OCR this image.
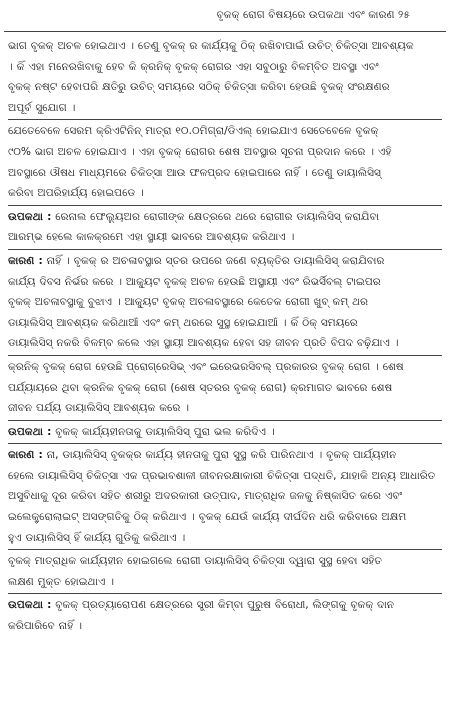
ବୃକକ୍ ରୋଗ ବିଷୟରେ ଉପକଥା ଏବଂ କାରଣ ୨୫
ଭାଗ ବୃକକ୍ ଅଚଳ ହୋଇଥାଏ । ତେଣୁ ବୃକକ୍ ର କାର୍ଯ୍ୟକୁ ଠିକ୍ ରଖିବାପାଇଁ ଉଚିତ୍ ଚିକିତ୍ସା ଆବଶ୍ୟକ
। କିଁ ଏହା ମନେରଖିବାକୁ ହେବ କି କ୍ରନିକ୍ ବୃକକ୍ ରୋଗର ଏହା ସବୁଠାରୁ ବିଳମ୍ବିତ ଅବସ୍ଥା ଏବଂ
ବୃକକ୍ ନଷ୍ଟ ହେବାପରି କ୍ଷତିରୁ ଉଚିତ୍ ସମୟରେ ସଠିକ୍ ଚିକିତ୍ସା କରିବା ହେଉଛି ବୃକକ୍ ସଂରକ୍ଷଣର
ଅପୂର୍ବ ସୁଯୋଗ ।
ଯେତେବେଳେ ସେରମ କ୍ରିଏଟିନିନ୍ ମାତ୍ରା ୧୦.୦ମିଗ୍ରା/ଡିଏଲ୍ ହୋଇଯାଏ ସେତେବେଳେ ବୃକକ୍
୯୦% ଭାଗ ଅଚଳ ହୋଇଯାଏ । ଏହା ବୃକକ୍ ରୋଗର ଶେଷ ଅବସ୍ଥାର ସୂଚନା ପ୍ରଦାନ କରେ । ଏହି
ଅବସ୍ଥାରେ ଔଷଧ ମାଧ୍ୟମରେ ଚିକିତ୍ସା ଆଉ ଫଳପ୍ରଦ ହୋଇପାରେ ନାହିଁ । ତେଣୁ ଡାୟାଲିସିସ୍
କରିବା ଅପରିହାର୍ଯ୍ୟ ହୋଇପଡେ ।
ଉପକଥା : ରେନାଲ ଫେଲ୍ୟୁଅର ରୋଗୀଙ୍କ କ୍ଷେତ୍ରରେ ଥରେ ରୋଗୀର ଡାୟାଲିସିସ୍ କରାଯିବା
ଆରମ୍ଭ ହେଲେ କାଳକ୍ରମେ ଏହା ସ୍ଥାୟୀ ଭାବରେ ଆବଶ୍ୟକ କରିଥାଏ ।
କାରଣ : ନାହିଁ । ବୃକକ୍ ର ଅଚଳାବସ୍ଥାର ସ୍ତର ଉପରେ ଜଣେ ବ୍ୟକ୍ତିର ଡାୟାଲିସିସ୍ କରାଯିବାର
କାର୍ଯ୍ୟ ଦିବସ ନିର୍ଭର କରେ । ଆକ୍ୟୁଟ ବୃକକ୍ ଅଚଳ ହେଉଛି ଅସ୍ଥାୟୀ ଏବଂ ରିଭର୍ସିବଲ୍ ଟାଇପର
ବୃକକ୍ ଅଚଳାବସ୍ଥାକୁ ବୁଝାଏ । ଆକ୍ୟୁଟ ବୃକକ୍ ଅଚଳାବସ୍ଥାରେ କେତେକ ରୋଗୀ ଖୁବ୍ କମ୍ ଥର
ଡାୟାଲିସିସ୍ ଆବଶ୍ୟକ କରିଥାଆଁ ଏବଂ କମ୍ ଥରରେ ସୁସ୍ଥ ହୋଇଯାଆଁ । କିଁ ଠିକ୍ ସମୟରେ
ଡାୟାଲିସିସ୍ ନକରି ବିଳମ୍ବ କଲେ ଏହା ସ୍ଥାୟୀ ଆବଶ୍ୟକ ହେବା ସହ ଜୀବନ ପ୍ରତି ବିପଦ ବଢ଼ିଯାଏ ।
କ୍ରନିକ୍ ବୃକକ୍ ରୋଗ ହେଉଛି ପ୍ରୋଗ୍ରେସିଭ୍ ଏବଂ ଇରେଭରସିବଲ୍ ପ୍ରକାରର ବୃକକ୍ ରୋଗ । ଶେଷ
ପର୍ଯ୍ୟାୟରେ ଥିବା କ୍ରନିକ ବୃକକ୍ ରୋଗ (ଶେଷ ସ୍ତରର ବୃକକ୍ ରୋଗ) କ୍ରମାଗତ ଭାବରେ ଶେଷ
ଜୀବନ ପର୍ଯ୍ୟ ଡାୟାଲିସିସ୍ ଆବଶ୍ୟକ କରେ ।
ଉପକଥା : ବୃକକ୍ କାର୍ଯ୍ୟହୀନତାକୁ ଡାୟାଲିସିସ୍ ପୁରା ଭଲ କରିଦିଏ ।
କାରଣ : ନା, ଡାୟାଲିସିସ୍ ବୃକକ୍‌ର କାର୍ଯ୍ୟ ହୀନତାକୁ ପୁରା ସୁସ୍ଥ କରି ପାରିନଥାଏ । ବୃକକ୍ ପାର୍ଯ୍ୟହୀନ
ହେଲେ ଡାୟାଲିସିସ୍ ଚିକିତ୍ସା ଏକ ପ୍ରଭାବଶାଳୀ ଜୀବନରକ୍ଷାକାରୀ ଚିକିତ୍ସା ପଦ୍ଧତି, ଯାହାକି ଅନ୍ୟ ଆଧାରିତ
ଅସୁବିଧାକୁ ଦୂର କରିବା ସହିତ ଶରୀରୁ ଅଦରକାରୀ ଉତ୍ପାଦ, ମାତ୍ରାଧିକ ଜଳକୁ ନିଷ୍କାସିତ କରେ ଏବଂ
ଇଲେକ୍ଟ୍ରୋଲାଇଟ୍ ଅସଙ୍ଗତିକୁ ଠିକ୍ କରିଥାଏ । ବୃକକ୍ ଯେଉଁ କାର୍ଯ୍ୟ ଦୀର୍ଘଦିନ ଧରି କରିବାରେ ଅକ୍ଷମ
ହୁଏ ଡାୟାଲିସିସ୍ ହିଁ କାର୍ଯ୍ୟ ଗୁଡିକୁ କରିଥାଏ ।
ବୃକକ୍ ମାତ୍ରାଧିକ କାର୍ଯ୍ୟହୀନ ହୋଇଗଲେ ରୋଗୀ ଡାୟାଲିସିସ୍ ଚିକିତ୍ସା ଦ୍ୱାରା ସୁସ୍ଥ ହେବା ସହିତ
ଲକ୍ଷଣ ମୁକ୍ତ ହୋଇଥାଏ ।
ଉପକଥା : ବୃକକ୍ ପ୍ରତ୍ୟାରୋପଣ କ୍ଷେତ୍ରରେ ସ୍ତ୍ରୀ କିମ୍ବା ପୁରୁଷ ବିରୋଧୀ, ଲିଙ୍ଗକୁ ବୃକକ୍ ଦାନ
କରିପାରିବେ ନାହିଁ ।
